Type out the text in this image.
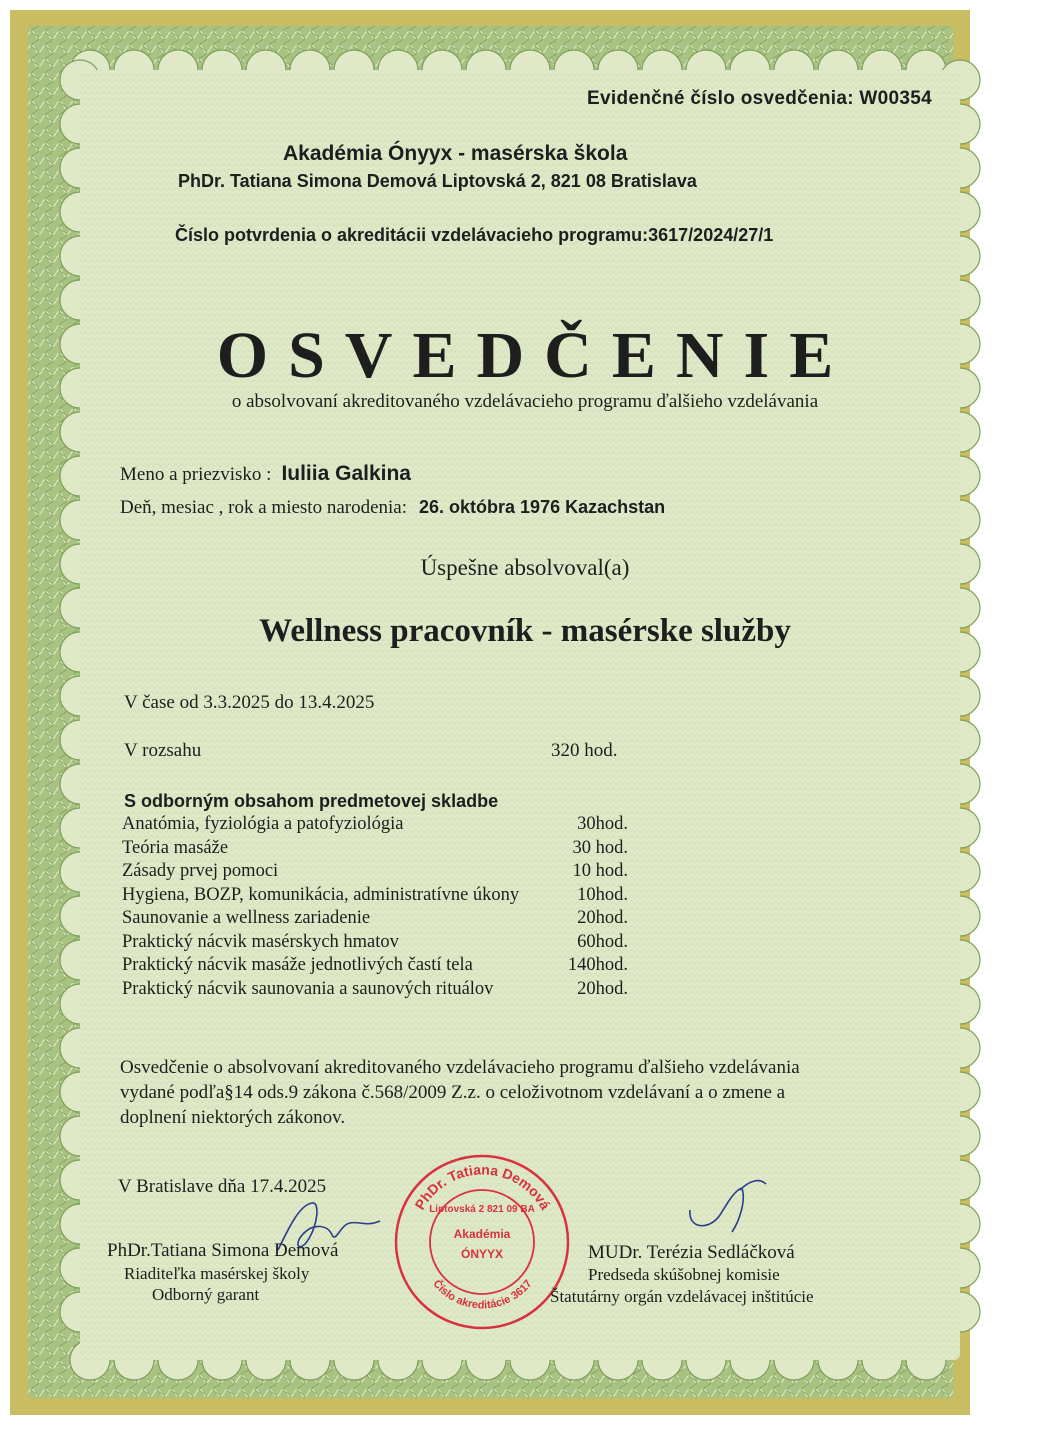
Evidenčné číslo osvedčenia: W00354
Akadémia Ónyyx - masérska škola
PhDr. Tatiana Simona Demová Liptovská 2, 821 08 Bratislava
Číslo potvrdenia o akreditácii vzdelávacieho programu:3617/2024/27/1
OSVEDČENIE
o absolvovaní akreditovaného vzdelávacieho programu ďalšieho vzdelávania
Meno a priezvisko : Iuliia Galkina
Deň, mesiac , rok a miesto narodenia: 26. októbra 1976 Kazachstan
Úspešne absolvoval(a)
Wellness pracovník - masérske služby
V čase od 3.3.2025 do 13.4.2025
V rozsahu	320 hod.
S odborným obsahom predmetovej skladbe
Anatómia, fyziológia a patofyziológia	30hod.
Teória masáže	30 hod.
Zásady prvej pomoci	10 hod.
Hygiena, BOZP, komunikácia, administratívne úkony	10hod.
Saunovanie a wellness zariadenie	20hod.
Praktický nácvik masérskych hmatov	60hod.
Praktický nácvik masáže jednotlivých častí tela	140hod.
Praktický nácvik saunovania a saunových rituálov	20hod.
Osvedčenie o absolvovaní akreditovaného vzdelávacieho programu ďalšieho vzdelávania vydané podľa§14 ods.9 zákona č.568/2009 Z.z. o celoživotnom vzdelávaní a o zmene a doplnení niektorých zákonov.
V Bratislave dňa 17.4.2025
PhDr. Tatiana Demová
Číslo akreditácie 3617
Liptovská 2 821 09 BA
Akadémia
ÓNYYX
PhDr.Tatiana Simona Demová
Riaditeľka masérskej školy
Odborný garant
MUDr. Terézia Sedláčková
Predseda skúšobnej komisie
Štatutárny orgán vzdelávacej inštitúcie
